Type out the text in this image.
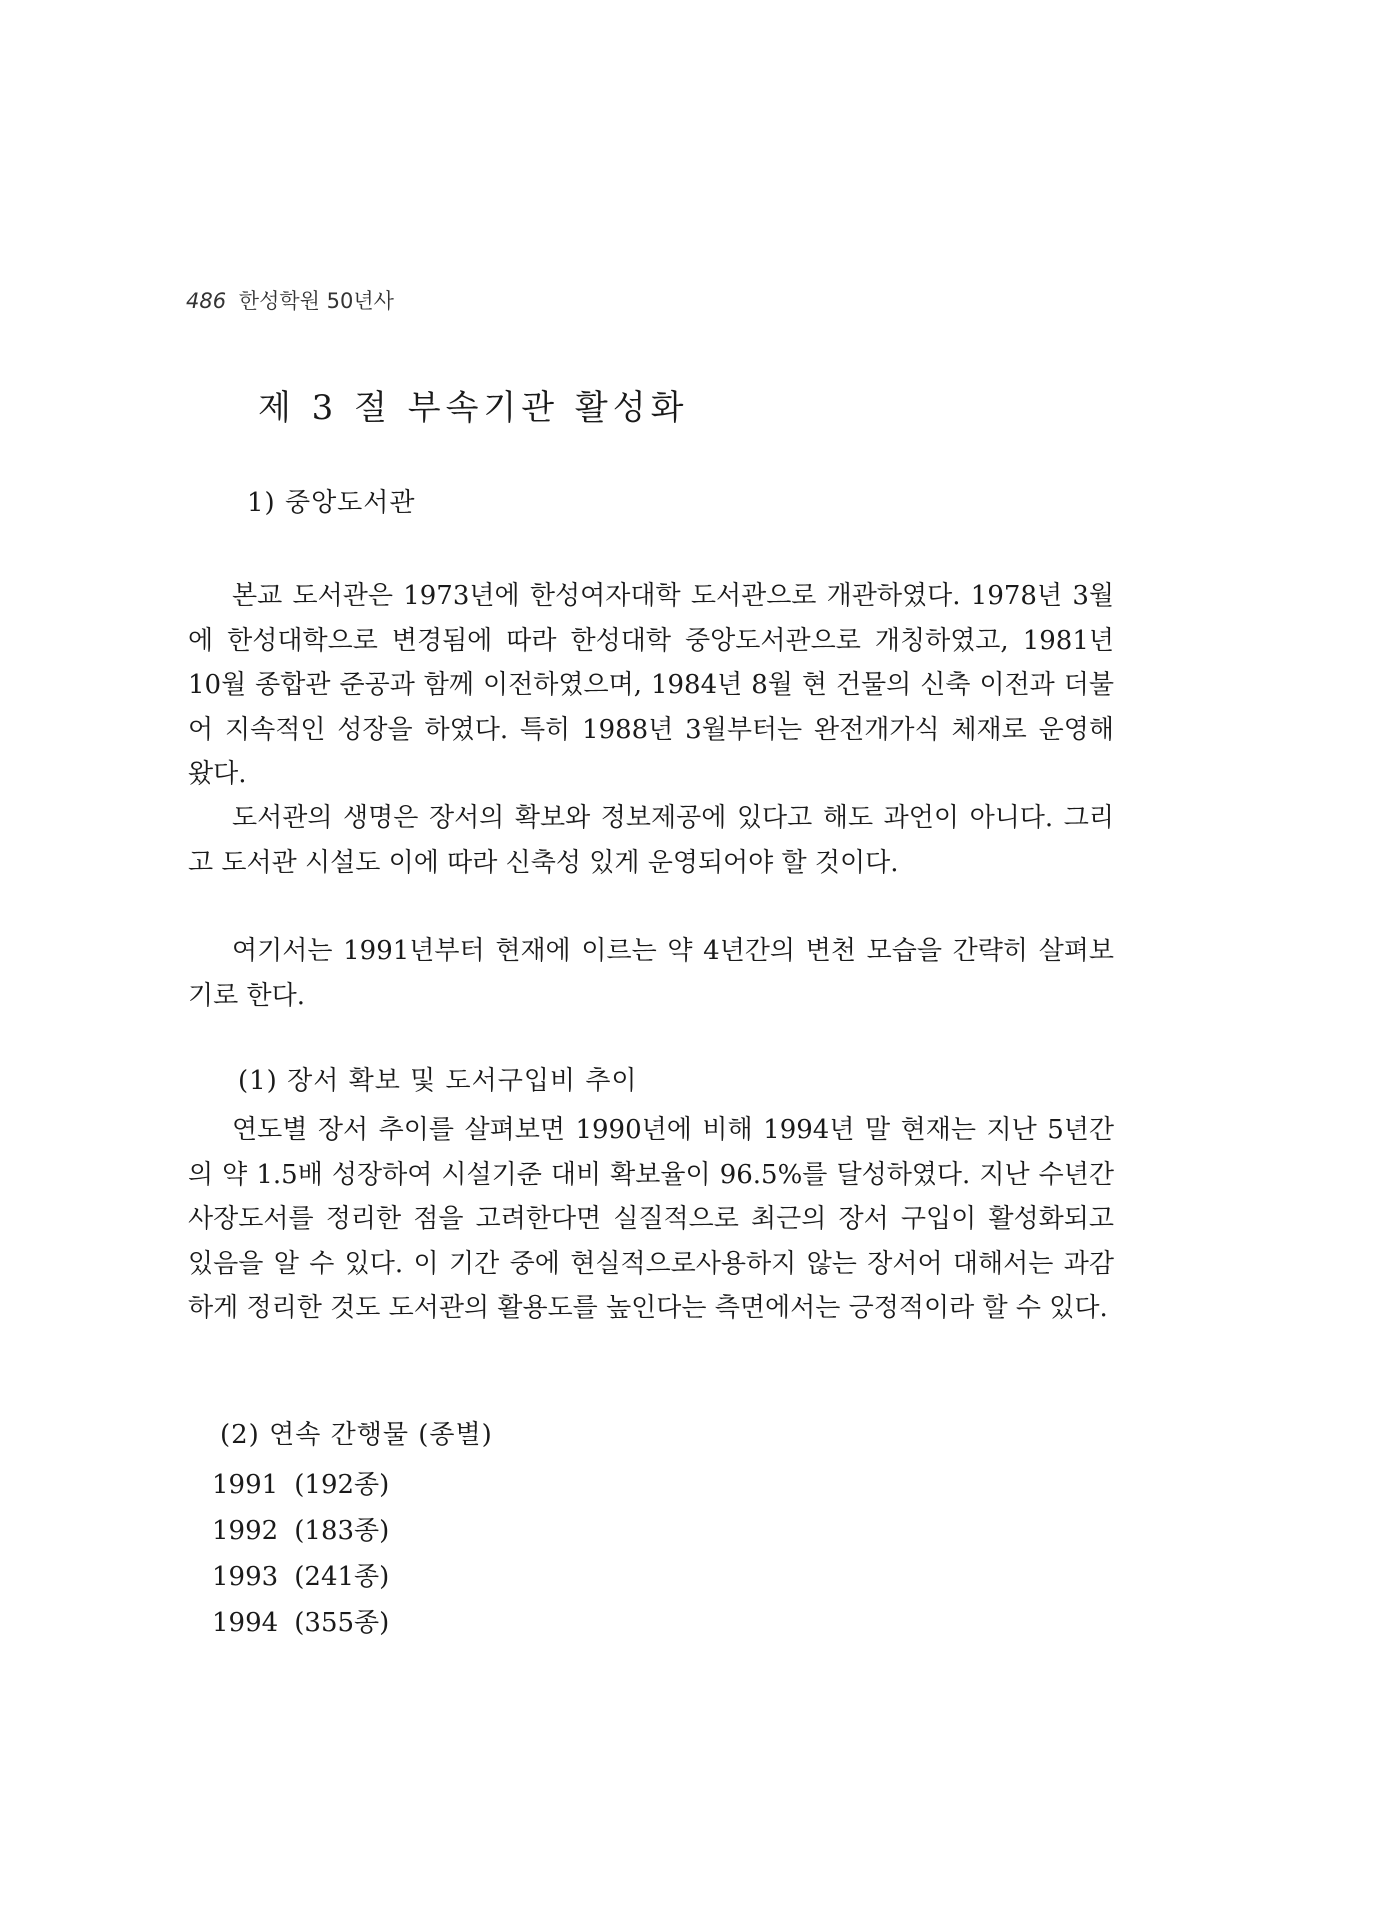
486 한성학원 50년사
제 3 절 부속기관 활성화
1) 중앙도서관

본교 도서관은 1973년에 한성여자대학 도서관으로 개관하였다. 1978년 3월에 한성대학으로 변경됨에 따라 한성대학 중앙도서관으로 개칭하였고, 1981년 10월 종합관 준공과 함께 이전하였으며, 1984년 8월 현 건물의 신축 이전과 더불어 지속적인 성장을 하였다. 특히 1988년 3월부터는 완전개가식 체재로 운영해 왔다.

도서관의 생명은 장서의 확보와 정보제공에 있다고 해도 과언이 아니다. 그리고 도서관 시설도 이에 따라 신축성 있게 운영되어야 할 것이다.

여기서는 1991년부터 현재에 이르는 약 4년간의 변천 모습을 간략히 살펴보기로 한다.

(1) 장서 확보 및 도서구입비 추이

연도별 장서 추이를 살펴보면 1990년에 비해 1994년 말 현재는 지난 5년간의 약 1.5배 성장하여 시설기준 대비 확보율이 96.5%를 달성하였다. 지난 수년간 사장도서를 정리한 점을 고려한다면 실질적으로 최근의 장서 구입이 활성화되고 있음을 알 수 있다. 이 기간 중에 현실적으로사용하지 않는 장서어 대해서는 과감하게 정리한 것도 도서관의 활용도를 높인다는 측면에서는 긍정적이라 할 수 있다.

(2) 연속 간행물 (종별)
1991 (192종)
1992 (183종)
1993 (241종)
1994 (355종)
